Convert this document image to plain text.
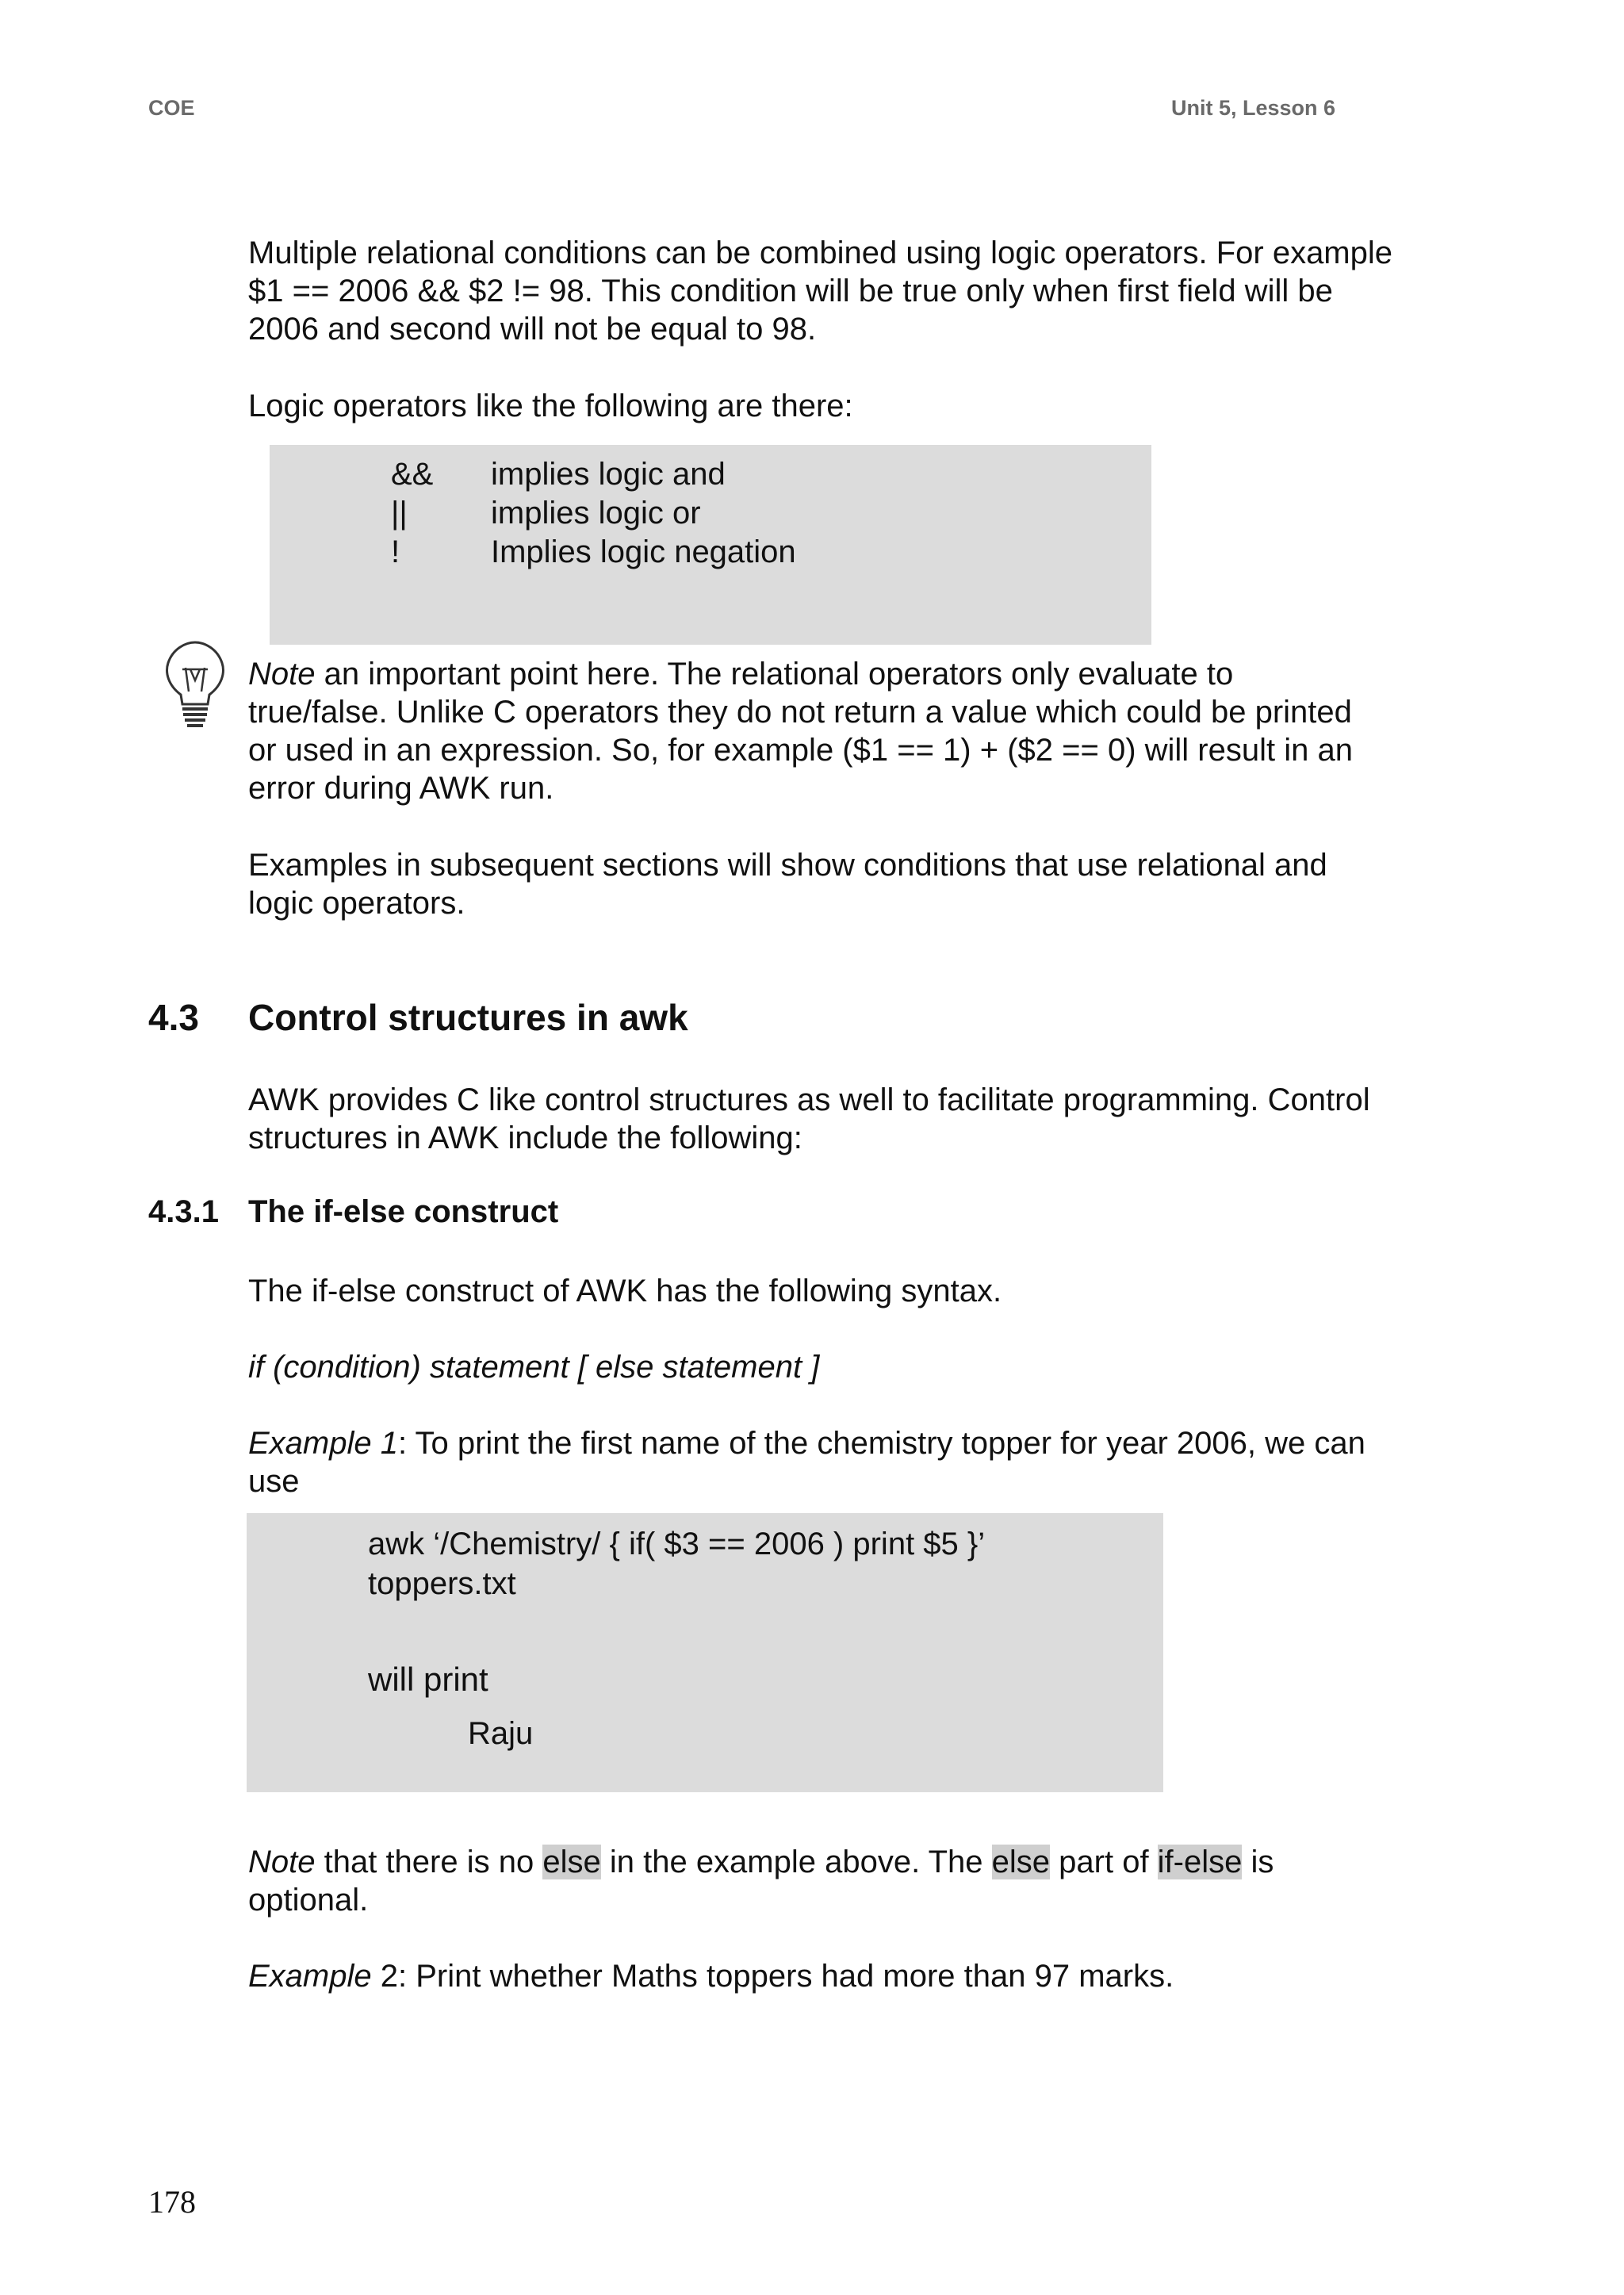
COE	Unit 5, Lesson 6

Multiple relational conditions can be combined using logic operators. For example $1 == 2006 && $2 != 98. This condition will be true only when first field will be 2006 and second will not be equal to 98.

Logic operators like the following are there:

&& implies logic and
||	implies logic or
!	Implies logic negation

Note an important point here. The relational operators only evaluate to true/false. Unlike C operators they do not return a value which could be printed or used in an expression. So, for example ($1 == 1) + ($2 == 0) will result in an error during AWK run.

Examples in subsequent sections will show conditions that use relational and logic operators.

4.3 Control structures in awk

AWK provides C like control structures as well to facilitate programming. Control structures in AWK include the following:

4.3.1 The if-else construct

The if-else construct of AWK has the following syntax.

if (condition) statement [ else statement ]

Example 1: To print the first name of the chemistry topper for year 2006, we can use

awk ‘/Chemistry/ { if( $3 == 2006 ) print $5 }’
toppers.txt
will print
Raju

Note that there is no else in the example above. The else part of if-else is optional.

Example 2: Print whether Maths toppers had more than 97 marks.

178
